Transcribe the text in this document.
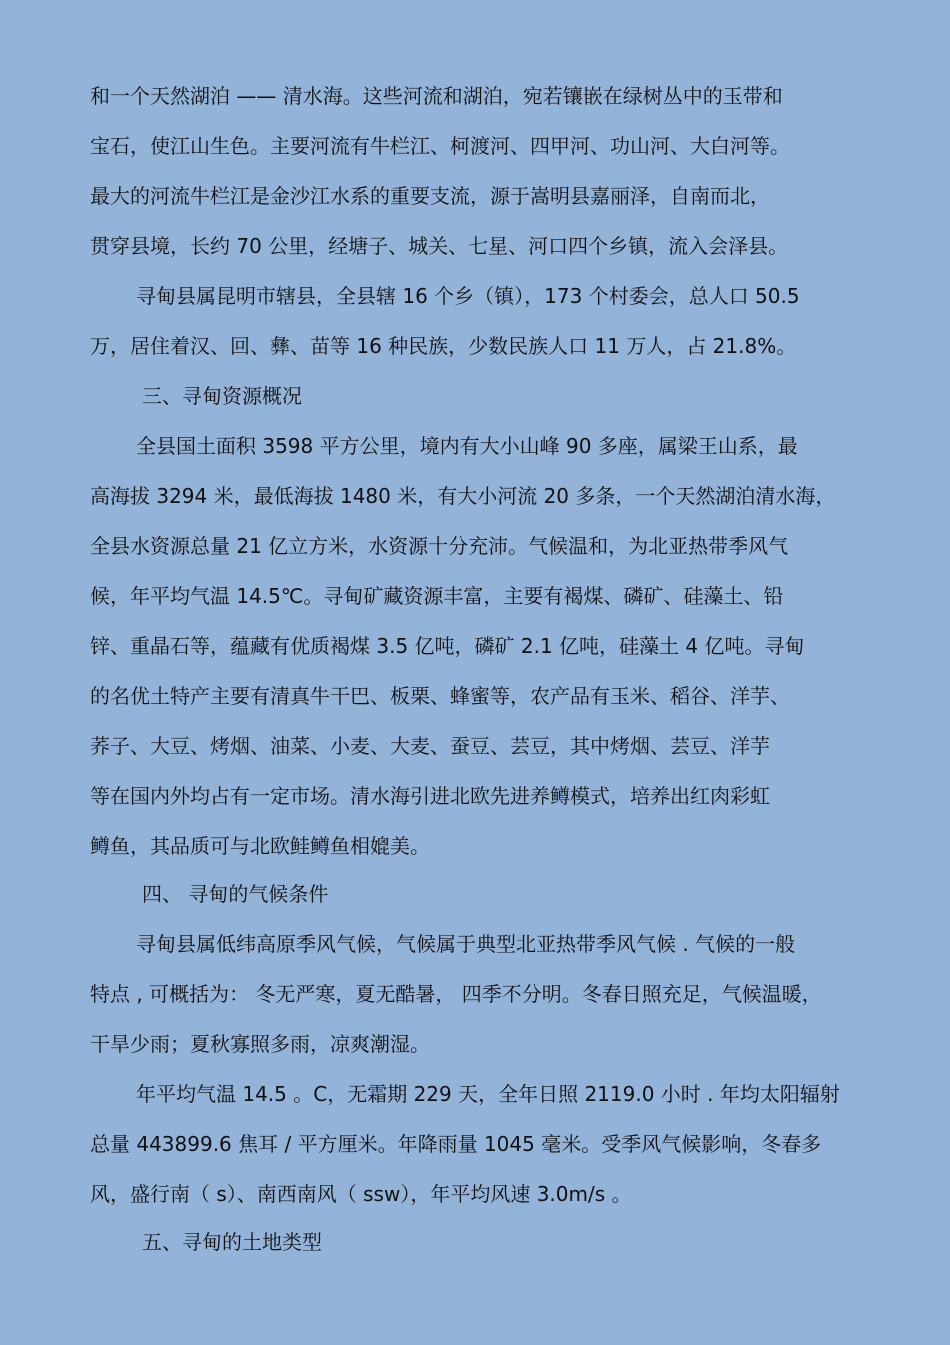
和一个天然湖泊 —— 清水海。这些河流和湖泊，宛若镶嵌在绿树丛中的玉带和
宝石，使江山生色。主要河流有牛栏江、柯渡河、四甲河、功山河、大白河等。
最大的河流牛栏江是金沙江水系的重要支流，源于嵩明县嘉丽泽，自南而北，
贯穿县境，长约 70 公里，经塘子、城关、七星、河口四个乡镇，流入会泽县。
寻甸县属昆明市辖县，全县辖 16 个乡（镇），173 个村委会，总人口 50.5
万，居住着汉、回、彝、苗等 16 种民族，少数民族人口 11 万人，占 21.8%。
三、寻甸资源概况
全县国土面积 3598 平方公里，境内有大小山峰 90 多座，属梁王山系，最
高海拔 3294 米，最低海拔 1480 米，有大小河流 20 多条，一个天然湖泊清水海，
全县水资源总量 21 亿立方米，水资源十分充沛。气候温和，为北亚热带季风气
候，年平均气温 14.5℃。寻甸矿藏资源丰富，主要有褐煤、磷矿、硅藻土、铅
锌、重晶石等，蕴藏有优质褐煤 3.5 亿吨，磷矿 2.1 亿吨，硅藻土 4 亿吨。寻甸
的名优土特产主要有清真牛干巴、板栗、蜂蜜等，农产品有玉米、稻谷、洋芋、
荞子、大豆、烤烟、油菜、小麦、大麦、蚕豆、芸豆，其中烤烟、芸豆、洋芋
等在国内外均占有一定市场。清水海引进北欧先进养鳟模式，培养出红肉彩虹
鳟鱼，其品质可与北欧鲑鳟鱼相媲美。
四、 寻甸的气候条件
寻甸县属低纬高原季风气候，气候属于典型北亚热带季风气候 . 气候的一般
特点 , 可概括为： 冬无严寒，夏无酷暑， 四季不分明。冬春日照充足，气候温暖，
干旱少雨；夏秋寡照多雨，凉爽潮湿。
年平均气温 14.5 。C，无霜期 229 天，全年日照 2119.0 小时 . 年均太阳辐射
总量 443899.6 焦耳 / 平方厘米。年降雨量 1045 毫米。受季风气候影响，冬春多
风，盛行南（ s）、南西南风（ ssw），年平均风速 3.0m/s 。
五、寻甸的土地类型
